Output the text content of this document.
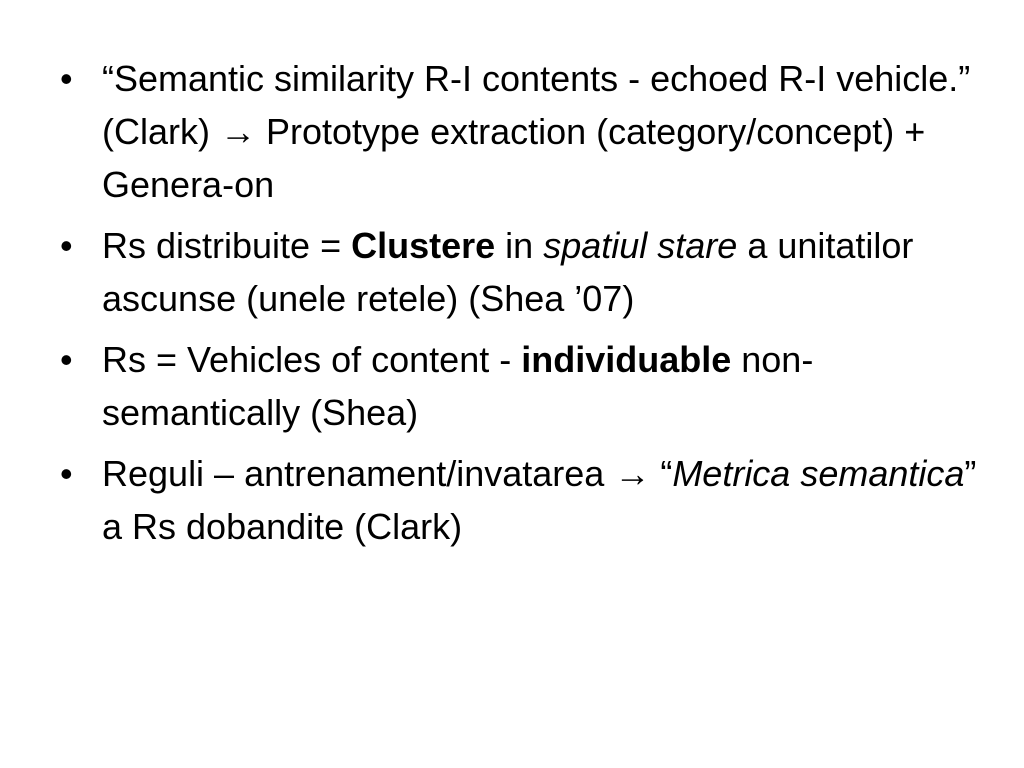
• “Semantic similarity R-I contents - echoed R-I vehicle.” (Clark) → Prototype extraction (category/concept) + Genera-on
• Rs distribuite = Clustere in spatiul stare a unitatilor ascunse (unele retele) (Shea ’07)
• Rs = Vehicles of content - individuable non-semantically (Shea)
• Reguli – antrenament/invatarea → “Metrica semantica” a Rs dobandite (Clark)
